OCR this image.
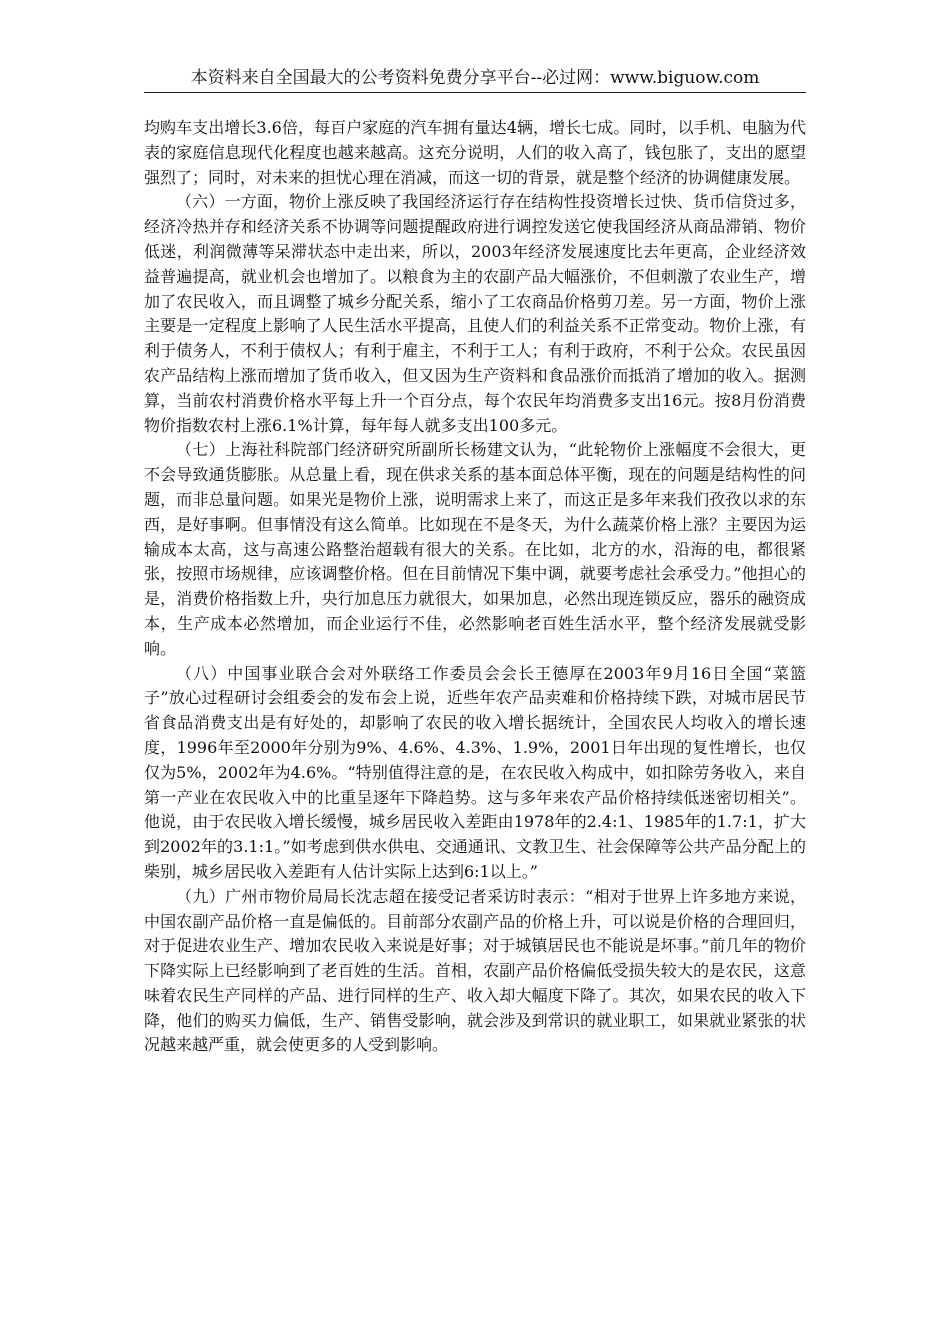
本资料来自全国最大的公考资料免费分享平台--必过网：www.biguow.com

均购车支出增长3.6倍，每百户家庭的汽车拥有量达4辆，增长七成。同时，以手机、电脑为代表的家庭信息现代化程度也越来越高。这充分说明，人们的收入高了，钱包胀了，支出的愿望强烈了；同时，对未来的担忧心理在消减，而这一切的背景，就是整个经济的协调健康发展。

（六）一方面，物价上涨反映了我国经济运行存在结构性投资增长过快、货币信贷过多，经济冷热并存和经济关系不协调等问题提醒政府进行调控发送它使我国经济从商品滞销、物价低迷，利润微薄等呆滞状态中走出来，所以，2003年经济发展速度比去年更高，企业经济效益普遍提高，就业机会也增加了。以粮食为主的农副产品大幅涨价，不但刺激了农业生产，增加了农民收入，而且调整了城乡分配关系，缩小了工农商品价格剪刀差。另一方面，物价上涨主要是一定程度上影响了人民生活水平提高，且使人们的利益关系不正常变动。物价上涨，有利于债务人，不利于债权人；有利于雇主，不利于工人；有利于政府，不利于公众。农民虽因农产品结构上涨而增加了货币收入，但又因为生产资料和食品涨价而抵消了增加的收入。据测算，当前农村消费价格水平每上升一个百分点，每个农民年均消费多支出16元。按8月份消费物价指数农村上涨6.1%计算，每年每人就多支出100多元。

（七）上海社科院部门经济研究所副所长杨建文认为，“此轮物价上涨幅度不会很大，更不会导致通货膨胀。从总量上看，现在供求关系的基本面总体平衡，现在的问题是结构性的问题，而非总量问题。如果光是物价上涨，说明需求上来了，而这正是多年来我们孜孜以求的东西，是好事啊。但事情没有这么简单。比如现在不是冬天，为什么蔬菜价格上涨？主要因为运输成本太高，这与高速公路整治超载有很大的关系。在比如，北方的水，沿海的电，都很紧张，按照市场规律，应该调整价格。但在目前情况下集中调，就要考虑社会承受力。”他担心的是，消费价格指数上升，央行加息压力就很大，如果加息，必然出现连锁反应，器乐的融资成本，生产成本必然增加，而企业运行不佳，必然影响老百姓生活水平，整个经济发展就受影响。

（八）中国事业联合会对外联络工作委员会会长王德厚在2003年9月16日全国“菜篮子”放心过程研讨会组委会的发布会上说，近些年农产品卖难和价格持续下跌，对城市居民节省食品消费支出是有好处的，却影响了农民的收入增长据统计，全国农民人均收入的增长速度，1996年至2000年分别为9%、4.6%、4.3%、1.9%，2001日年出现的复性增长，也仅仅为5%，2002年为4.6%。“特别值得注意的是，在农民收入构成中，如扣除劳务收入，来自第一产业在农民收入中的比重呈逐年下降趋势。这与多年来农产品价格持续低迷密切相关”。他说，由于农民收入增长缓慢，城乡居民收入差距由1978年的2.4:1、1985年的1.7:1，扩大到2002年的3.1:1。”如考虑到供水供电、交通通讯、文教卫生、社会保障等公共产品分配上的柴别，城乡居民收入差距有人估计实际上达到6:1以上。”

（九）广州市物价局局长沈志超在接受记者采访时表示：“相对于世界上许多地方来说，中国农副产品价格一直是偏低的。目前部分农副产品的价格上升，可以说是价格的合理回归，对于促进农业生产、增加农民收入来说是好事；对于城镇居民也不能说是坏事。”前几年的物价下降实际上已经影响到了老百姓的生活。首相，农副产品价格偏低受损失较大的是农民，这意味着农民生产同样的产品、进行同样的生产、收入却大幅度下降了。其次，如果农民的收入下降，他们的购买力偏低，生产、销售受影响，就会涉及到常识的就业职工，如果就业紧张的状况越来越严重，就会使更多的人受到影响。
